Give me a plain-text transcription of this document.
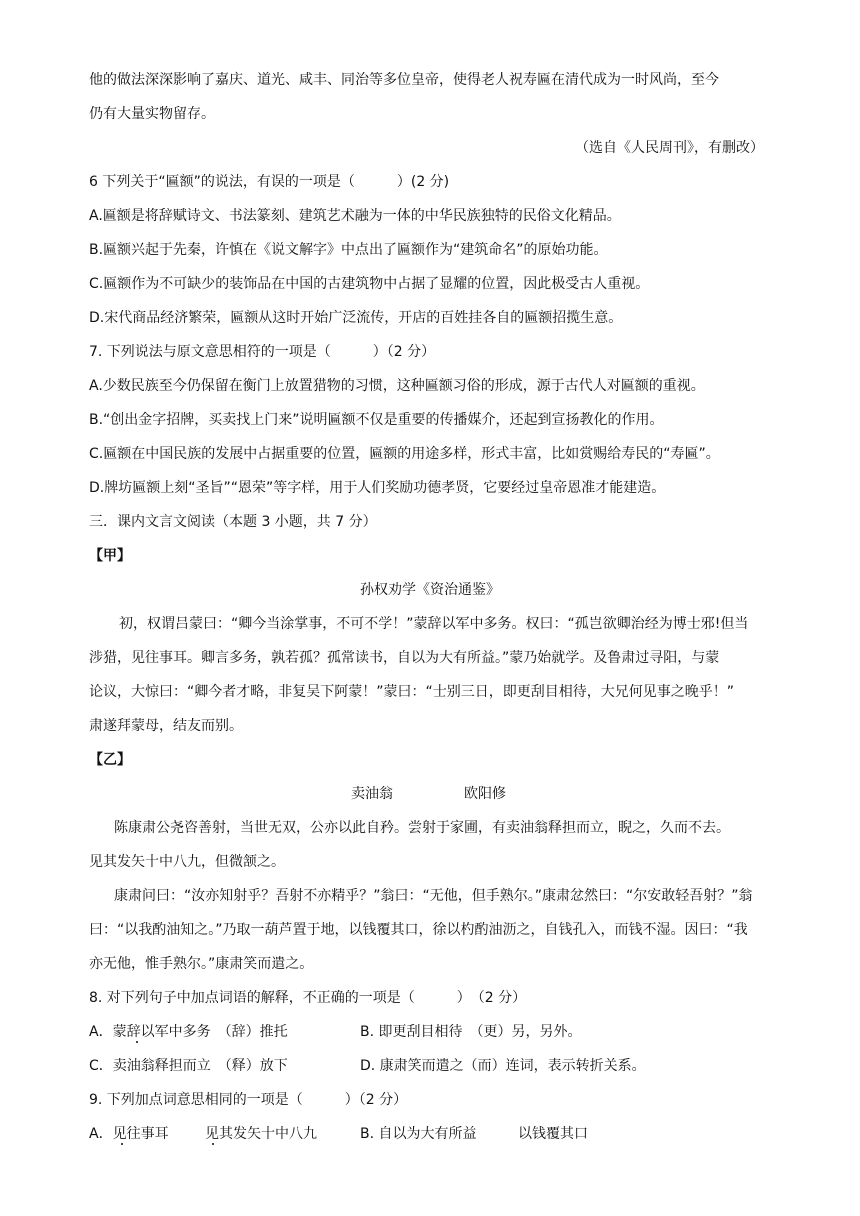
他的做法深深影响了嘉庆、道光、咸丰、同治等多位皇帝，使得老人祝寿匾在清代成为一时风尚，至今
仍有大量实物留存。
（选自《人民周刊》，有删改）
6 下列关于“匾额”的说法，有误的一项是（　　　）(2 分)
A.匾额是将辞赋诗文、书法篆刻、建筑艺术融为一体的中华民族独特的民俗文化精品。
B.匾额兴起于先秦，许慎在《说文解字》中点出了匾额作为“建筑命名”的原始功能。
C.匾额作为不可缺少的装饰品在中国的古建筑物中占据了显耀的位置，因此极受古人重视。
D.宋代商品经济繁荣，匾额从这时开始广泛流传，开店的百姓挂各自的匾额招揽生意。
7. 下列说法与原文意思相符的一项是（　　　）（2 分）
A.少数民族至今仍保留在衡门上放置猎物的习惯，这种匾额习俗的形成，源于古代人对匾额的重视。
B.“创出金字招牌，买卖找上门来”说明匾额不仅是重要的传播媒介，还起到宣扬教化的作用。
C.匾额在中国民族的发展中占据重要的位置，匾额的用途多样，形式丰富，比如赏赐给寿民的“寿匾”。
D.牌坊匾额上刻“圣旨”“恩荣”等字样，用于人们奖励功德孝贤，它要经过皇帝恩准才能建造。
三．课内文言文阅读（本题 3 小题，共 7 分）
【甲】
孙权劝学《资治通鉴》
初，权谓吕蒙曰：“卿今当涂掌事，不可不学！”蒙辞以军中多务。权曰：“孤岂欲卿治经为博士邪!但当
涉猎，见往事耳。卿言多务，孰若孤？孤常读书，自以为大有所益。”蒙乃始就学。及鲁肃过寻阳，与蒙
论议，大惊曰：“卿今者才略，非复吴下阿蒙！”蒙曰：“士别三日，即更刮目相待，大兄何见事之晚乎！”
肃遂拜蒙母，结友而别。
【乙】
卖油翁	欧阳修
陈康肃公尧咨善射，当世无双，公亦以此自矜。尝射于家圃，有卖油翁释担而立，睨之，久而不去。
见其发矢十中八九，但微颔之。
康肃问曰：“汝亦知射乎？吾射不亦精乎？”翁曰：“无他，但手熟尔。”康肃忿然曰：“尔安敢轻吾射？”翁
曰：“以我酌油知之。”乃取一葫芦置于地，以钱覆其口，徐以杓酌油沥之，自钱孔入，而钱不湿。因曰：“我
亦无他，惟手熟尔。”康肃笑而遣之。
8. 对下列句子中加点词语的解释，不正确的一项是（　　　）　（2 分）
A．蒙辞以军中多务　（辞）推托	B. 即更刮目相待　（更）另，另外。
C．卖油翁释担而立　（释）放下	D. 康肃笑而遣之（而）连词，表示转折关系。
9. 下列加点词意思相同的一项是（　　　）（2 分）
A．见往事耳	见其发矢十中八九	B. 自以为大有所益	以钱覆其口
